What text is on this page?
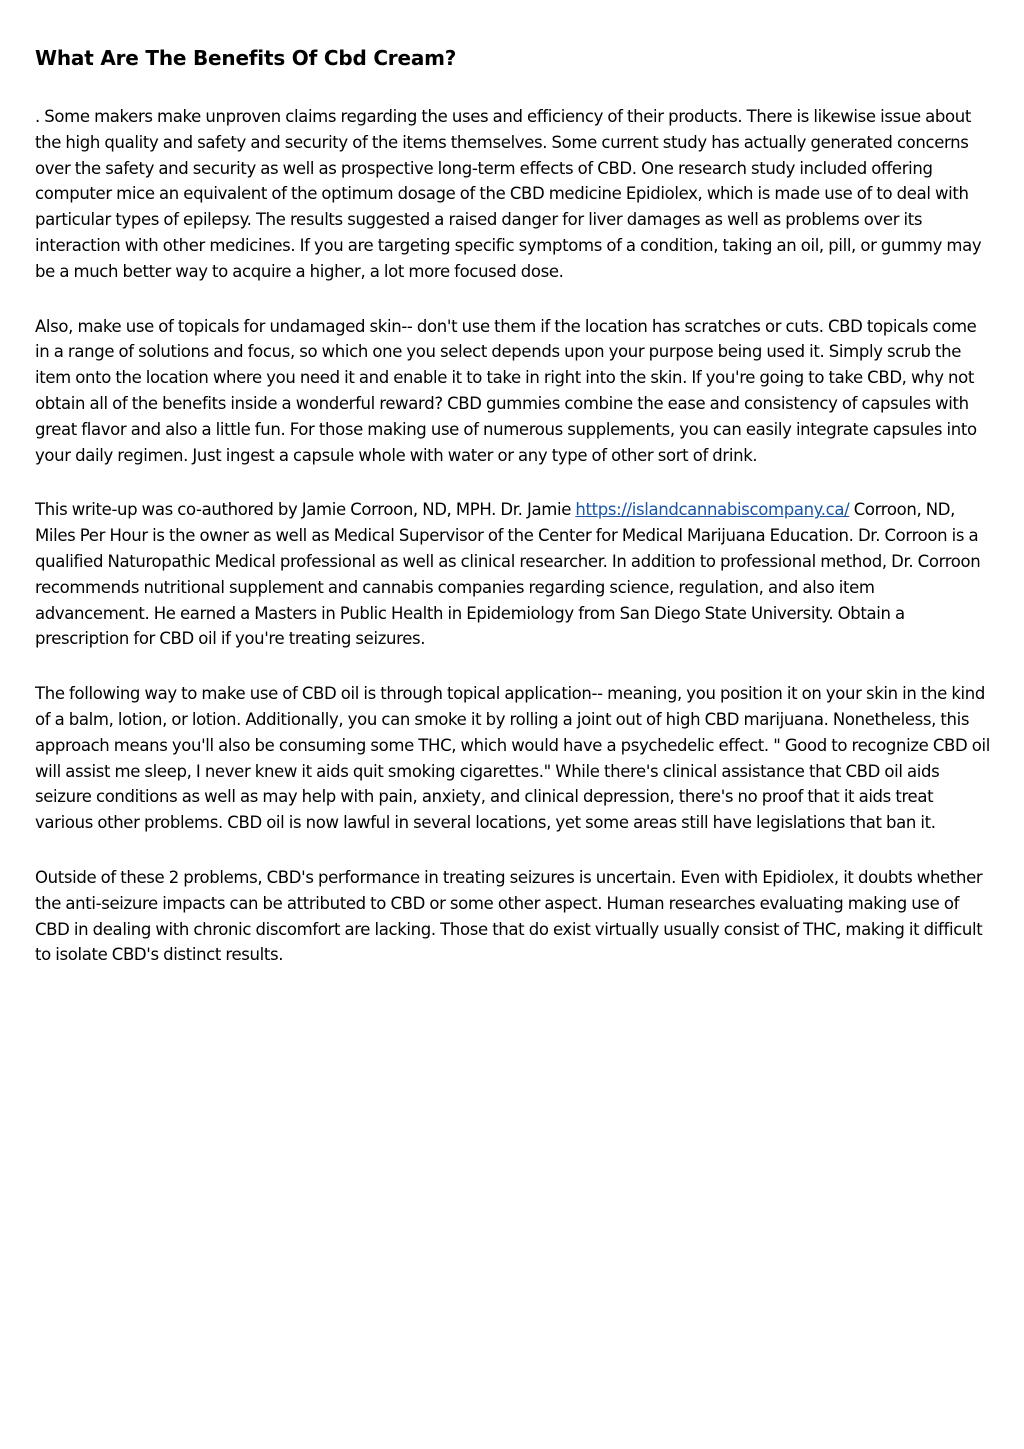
What Are The Benefits Of Cbd Cream?

. Some makers make unproven claims regarding the uses and efficiency of their products. There is likewise issue about the high quality and safety and security of the items themselves. Some current study has actually generated concerns over the safety and security as well as prospective long-term effects of CBD. One research study included offering computer mice an equivalent of the optimum dosage of the CBD medicine Epidiolex, which is made use of to deal with particular types of epilepsy. The results suggested a raised danger for liver damages as well as problems over its interaction with other medicines. If you are targeting specific symptoms of a condition, taking an oil, pill, or gummy may be a much better way to acquire a higher, a lot more focused dose.

Also, make use of topicals for undamaged skin-- don't use them if the location has scratches or cuts. CBD topicals come in a range of solutions and focus, so which one you select depends upon your purpose being used it. Simply scrub the item onto the location where you need it and enable it to take in right into the skin. If you're going to take CBD, why not obtain all of the benefits inside a wonderful reward? CBD gummies combine the ease and consistency of capsules with great flavor and also a little fun. For those making use of numerous supplements, you can easily integrate capsules into your daily regimen. Just ingest a capsule whole with water or any type of other sort of drink.

This write-up was co-authored by Jamie Corroon, ND, MPH. Dr. Jamie https://islandcannabiscompany.ca/ Corroon, ND, Miles Per Hour is the owner as well as Medical Supervisor of the Center for Medical Marijuana Education. Dr. Corroon is a qualified Naturopathic Medical professional as well as clinical researcher. In addition to professional method, Dr. Corroon recommends nutritional supplement and cannabis companies regarding science, regulation, and also item advancement. He earned a Masters in Public Health in Epidemiology from San Diego State University. Obtain a prescription for CBD oil if you're treating seizures.

The following way to make use of CBD oil is through topical application-- meaning, you position it on your skin in the kind of a balm, lotion, or lotion. Additionally, you can smoke it by rolling a joint out of high CBD marijuana. Nonetheless, this approach means you'll also be consuming some THC, which would have a psychedelic effect. " Good to recognize CBD oil will assist me sleep, I never knew it aids quit smoking cigarettes." While there's clinical assistance that CBD oil aids seizure conditions as well as may help with pain, anxiety, and clinical depression, there's no proof that it aids treat various other problems. CBD oil is now lawful in several locations, yet some areas still have legislations that ban it.

Outside of these 2 problems, CBD's performance in treating seizures is uncertain. Even with Epidiolex, it doubts whether the anti-seizure impacts can be attributed to CBD or some other aspect. Human researches evaluating making use of CBD in dealing with chronic discomfort are lacking. Those that do exist virtually usually consist of THC, making it difficult to isolate CBD's distinct results.
